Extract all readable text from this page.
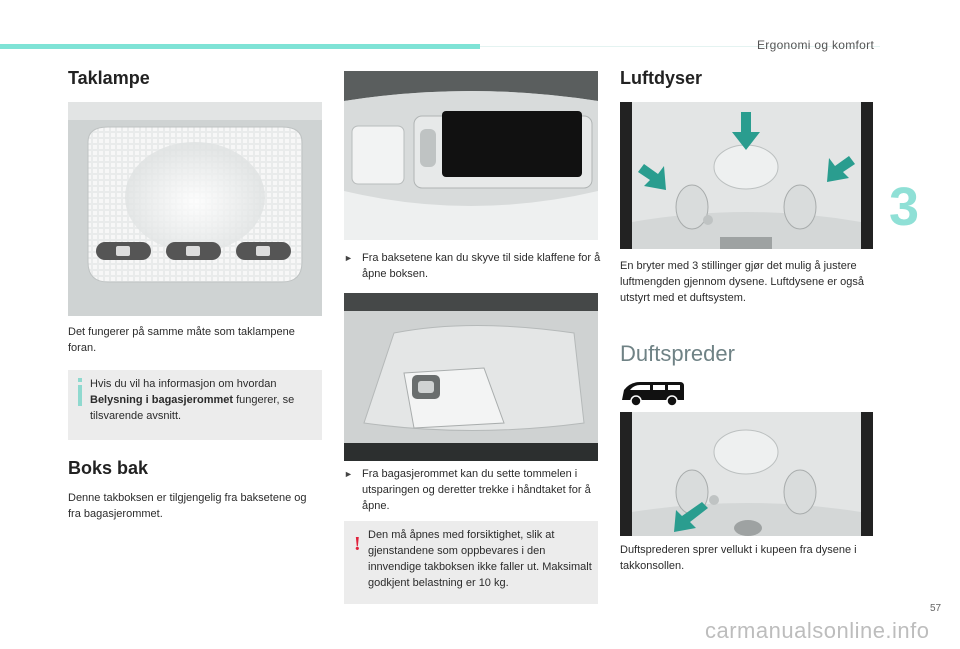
Ergonomi og komfort
3
Taklampe

Det fungerer på samme måte som taklampene foran.

Hvis du vil ha informasjon om hvordan Belysning i bagasjerommet fungerer, se tilsvarende avsnitt.

Boks bak

Denne takboksen er tilgjengelig fra baksetene og fra bagasjerommet.

► Fra baksetene kan du skyve til side klaffene for å åpne boksen.

► Fra bagasjerommet kan du sette tommelen i utsparingen og deretter trekke i håndtaket for å åpne.

! Den må åpnes med forsiktighet, slik at gjenstandene som oppbevares i den innvendige takboksen ikke faller ut. Maksimalt godkjent belastning er 10 kg.

Luftdyser

En bryter med 3 stillinger gjør det mulig å justere luftmengden gjennom dysene. Luftdysene er også utstyrt med et duftsystem.

Duftspreder

Duftsprederen sprer vellukt i kupeen fra dysene i takkonsollen.

57
carmanualsonline.info
